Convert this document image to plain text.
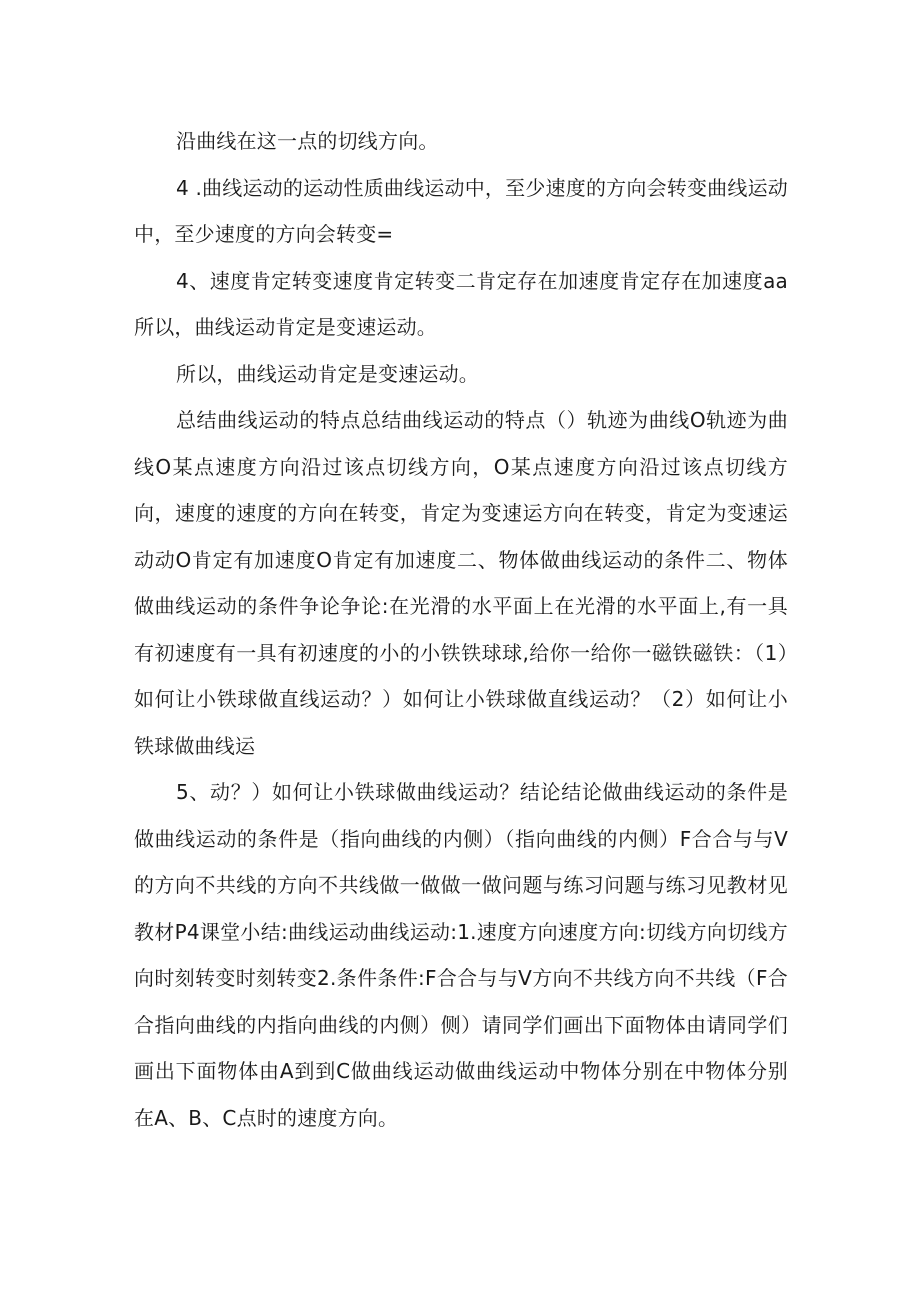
沿曲线在这一点的切线方向。

4 .曲线运动的运动性质曲线运动中，至少速度的方向会转变曲线运动中，至少速度的方向会转变=

4、速度肯定转变速度肯定转变二肯定存在加速度肯定存在加速度aa所以，曲线运动肯定是变速运动。

所以，曲线运动肯定是变速运动。

总结曲线运动的特点总结曲线运动的特点（）轨迹为曲线O轨迹为曲线O某点速度方向沿过该点切线方向，O某点速度方向沿过该点切线方向，速度的速度的方向在转变，肯定为变速运方向在转变，肯定为变速运动动O肯定有加速度O肯定有加速度二、物体做曲线运动的条件二、物体做曲线运动的条件争论争论:在光滑的水平面上在光滑的水平面上,有一具有初速度有一具有初速度的小的小铁铁球球,给你一给你一磁铁磁铁：（1）如何让小铁球做直线运动？）如何让小铁球做直线运动？（2）如何让小铁球做曲线运

5、动？）如何让小铁球做曲线运动？结论结论做曲线运动的条件是做曲线运动的条件是（指向曲线的内侧）（指向曲线的内侧）F合合与与V的方向不共线的方向不共线做一做做一做问题与练习问题与练习见教材见教材P4课堂小结:曲线运动曲线运动:1.速度方向速度方向:切线方向切线方向时刻转变时刻转变2.条件条件:F合合与与V方向不共线方向不共线（F合合指向曲线的内指向曲线的内侧）侧）请同学们画出下面物体由请同学们画出下面物体由A到到C做曲线运动做曲线运动中物体分别在中物体分别在A、B、C点时的速度方向。
